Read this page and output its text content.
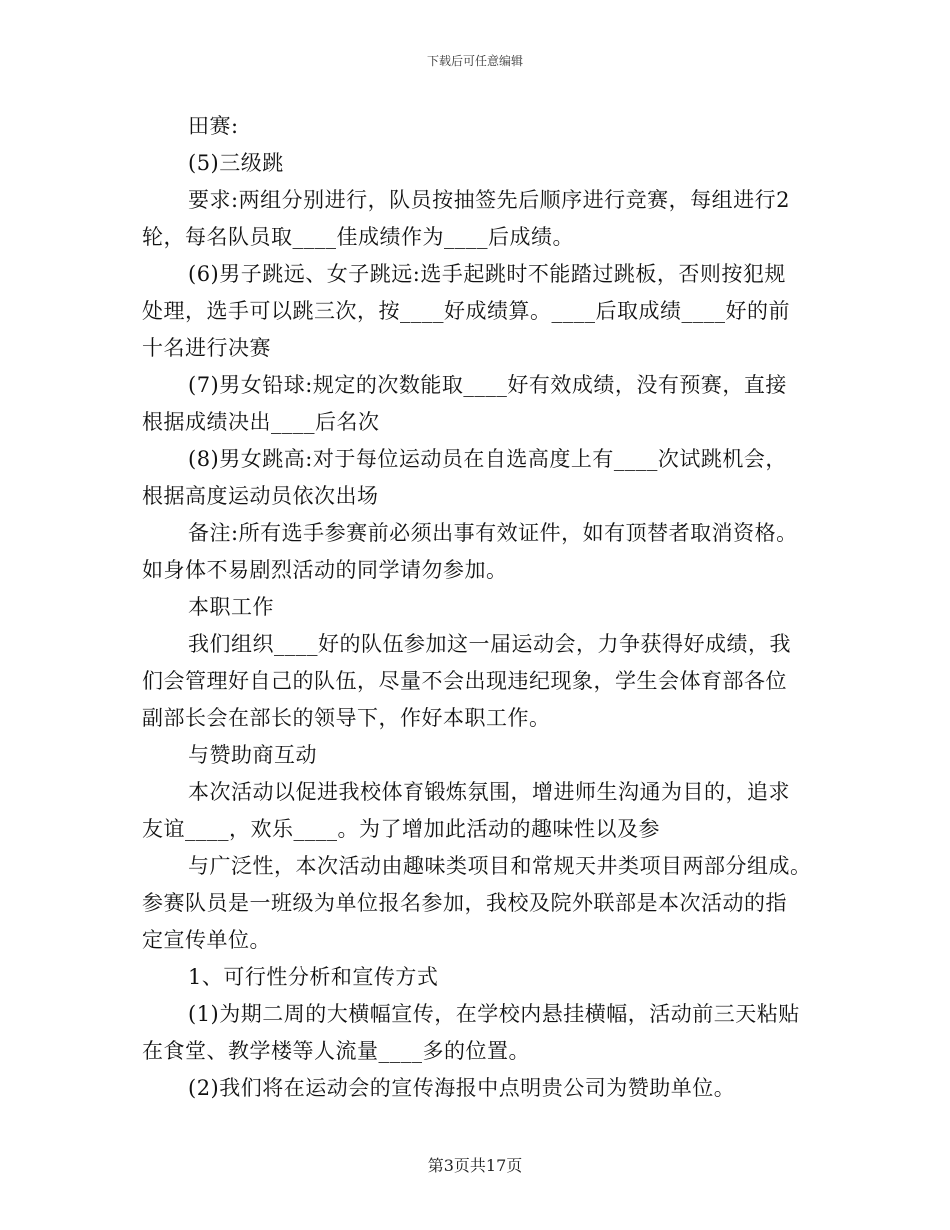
下载后可任意编辑
田赛:
(5)三级跳
要求:两组分别进行，队员按抽签先后顺序进行竞赛，每组进行2
轮，每名队员取____佳成绩作为____后成绩。
(6)男子跳远、女子跳远:选手起跳时不能踏过跳板，否则按犯规
处理，选手可以跳三次，按____好成绩算。____后取成绩____好的前
十名进行决赛
(7)男女铅球:规定的次数能取____好有效成绩，没有预赛，直接
根据成绩决出____后名次
(8)男女跳高:对于每位运动员在自选高度上有____次试跳机会，
根据高度运动员依次出场
备注:所有选手参赛前必须出事有效证件，如有顶替者取消资格。
如身体不易剧烈活动的同学请勿参加。
本职工作
我们组织____好的队伍参加这一届运动会，力争获得好成绩，我
们会管理好自己的队伍，尽量不会出现违纪现象，学生会体育部各位
副部长会在部长的领导下，作好本职工作。
与赞助商互动
本次活动以促进我校体育锻炼氛围，增进师生沟通为目的，追求
友谊____，欢乐____。为了增加此活动的趣味性以及参
与广泛性，本次活动由趣味类项目和常规天井类项目两部分组成。
参赛队员是一班级为单位报名参加，我校及院外联部是本次活动的指
定宣传单位。
1、可行性分析和宣传方式
(1)为期二周的大横幅宣传，在学校内悬挂横幅，活动前三天粘贴
在食堂、教学楼等人流量____多的位置。
(2)我们将在运动会的宣传海报中点明贵公司为赞助单位。
第3页共17页
